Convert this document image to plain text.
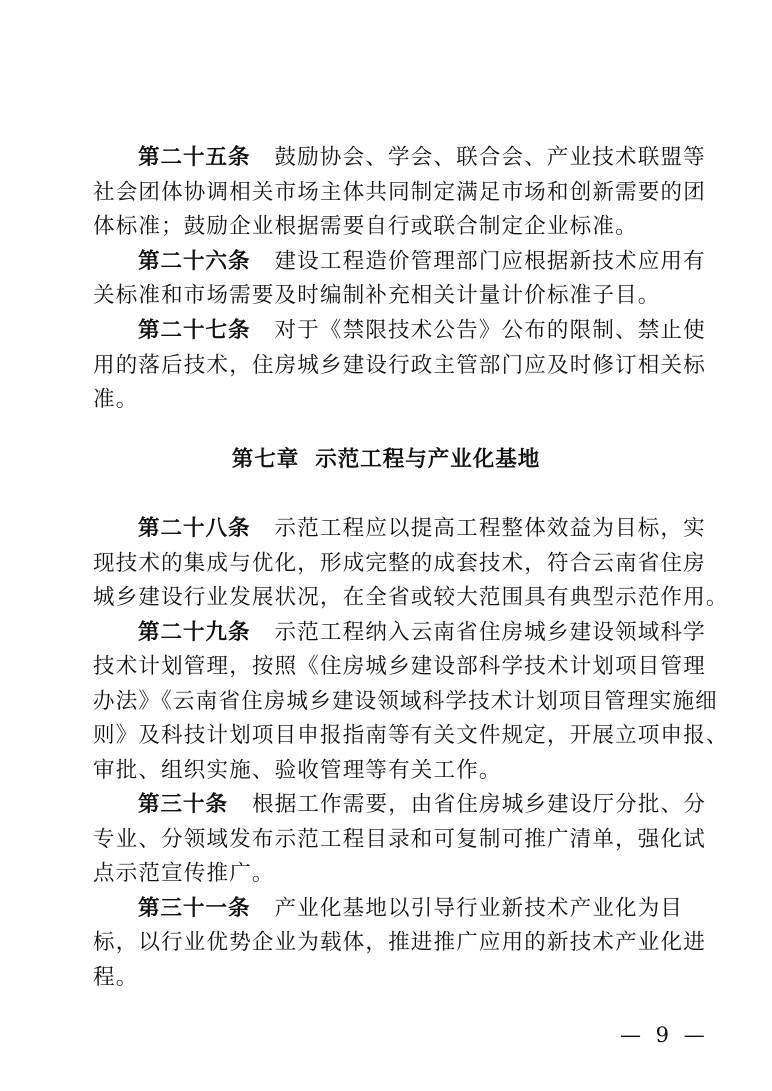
第二十五条 鼓励协会、学会、联合会、产业技术联盟等
社会团体协调相关市场主体共同制定满足市场和创新需要的团
体标准；鼓励企业根据需要自行或联合制定企业标准。
第二十六条 建设工程造价管理部门应根据新技术应用有
关标准和市场需要及时编制补充相关计量计价标准子目。
第二十七条 对于《禁限技术公告》公布的限制、禁止使
用的落后技术，住房城乡建设行政主管部门应及时修订相关标
准。
第七章 示范工程与产业化基地
第二十八条 示范工程应以提高工程整体效益为目标，实
现技术的集成与优化，形成完整的成套技术，符合云南省住房
城乡建设行业发展状况，在全省或较大范围具有典型示范作用。
第二十九条 示范工程纳入云南省住房城乡建设领域科学
技术计划管理，按照《住房城乡建设部科学技术计划项目管理
办法》《云南省住房城乡建设领域科学技术计划项目管理实施细
则》及科技计划项目申报指南等有关文件规定，开展立项申报、
审批、组织实施、验收管理等有关工作。
第三十条 根据工作需要，由省住房城乡建设厅分批、分
专业、分领域发布示范工程目录和可复制可推广清单，强化试
点示范宣传推广。
第三十一条 产业化基地以引导行业新技术产业化为目
标，以行业优势企业为载体，推进推广应用的新技术产业化进
程。
— 9 —
